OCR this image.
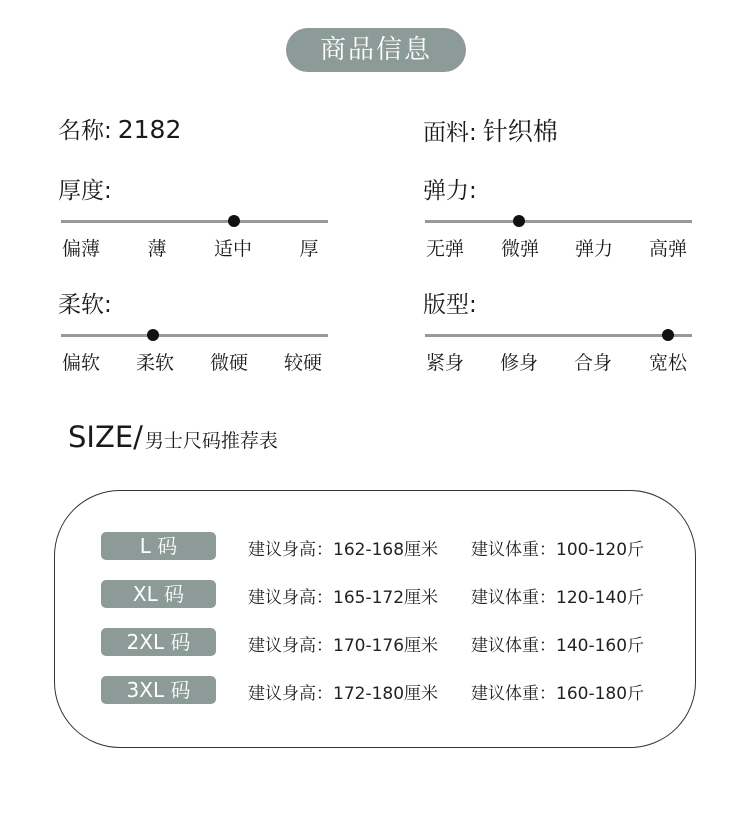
商品信息
名称: 2182	面料: 针织棉
厚度:
偏薄 薄 适中 厚
弹力:
无弹 微弹 弹力 高弹
柔软:
偏软 柔软 微硬 较硬
版型:
紧身 修身 合身 宽松
SIZE/ 男士尺码推荐表
L 码	建议身高：162-168厘米 建议体重：100-120斤
XL 码	建议身高：165-172厘米 建议体重：120-140斤
2XL 码	建议身高：170-176厘米 建议体重：140-160斤
3XL 码	建议身高：172-180厘米 建议体重：160-180斤
